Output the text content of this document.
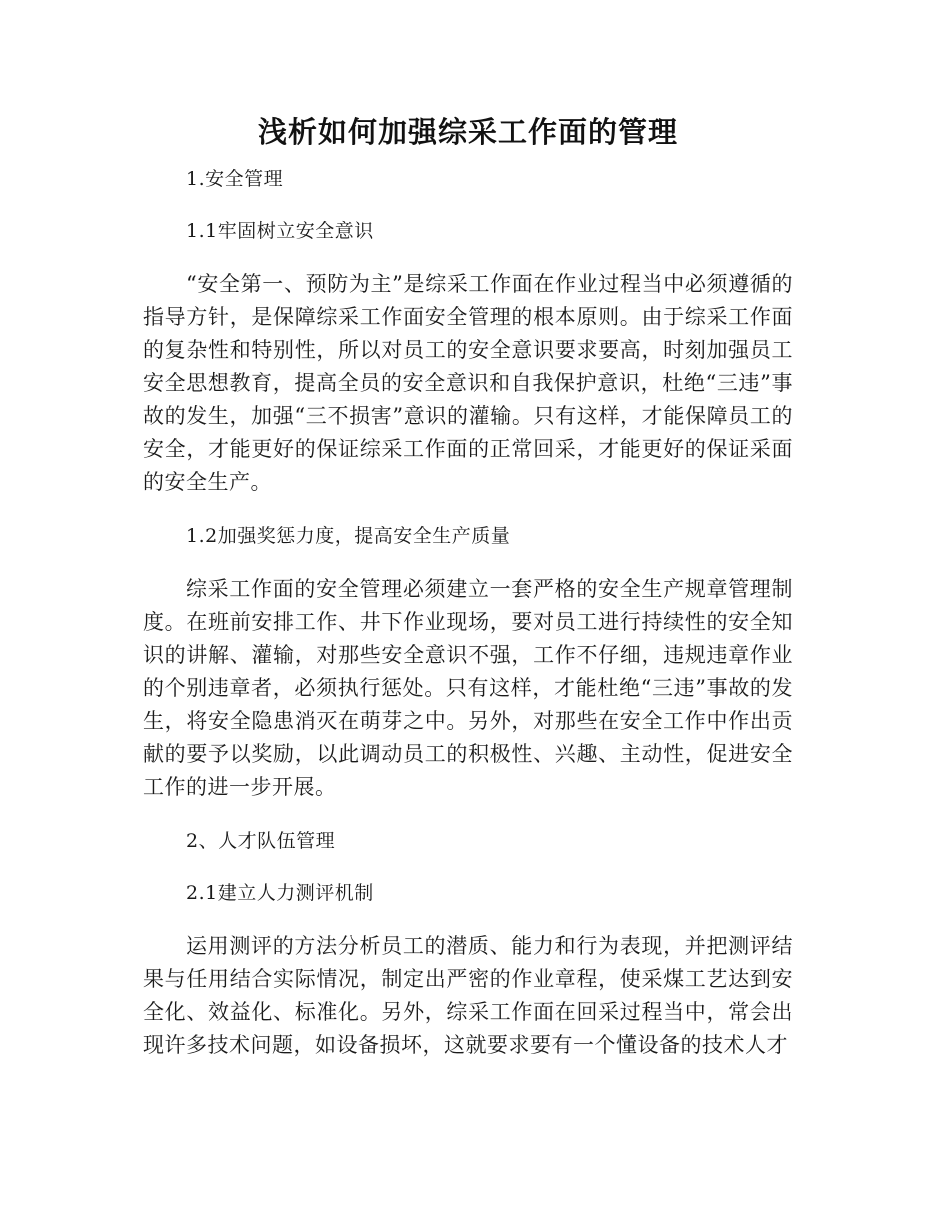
浅析如何加强综采工作面的管理
1.安全管理
1.1牢固树立安全意识

“安全第一、预防为主”是综采工作面在作业过程当中必须遵循的指导方针，是保障综采工作面安全管理的根本原则。由于综采工作面的复杂性和特别性，所以对员工的安全意识要求要高，时刻加强员工安全思想教育，提高全员的安全意识和自我保护意识，杜绝“三违”事故的发生，加强“三不损害”意识的灌输。只有这样，才能保障员工的安全，才能更好的保证综采工作面的正常回采，才能更好的保证采面的安全生产。

1.2加强奖惩力度，提高安全生产质量

综采工作面的安全管理必须建立一套严格的安全生产规章管理制度。在班前安排工作、井下作业现场，要对员工进行持续性的安全知识的讲解、灌输，对那些安全意识不强，工作不仔细，违规违章作业的个别违章者，必须执行惩处。只有这样，才能杜绝“三违”事故的发生，将安全隐患消灭在萌芽之中。另外，对那些在安全工作中作出贡献的要予以奖励，以此调动员工的积极性、兴趣、主动性，促进安全工作的进一步开展。

2、人才队伍管理
2.1建立人力测评机制

运用测评的方法分析员工的潜质、能力和行为表现，并把测评结果与任用结合实际情况，制定出严密的作业章程，使采煤工艺达到安全化、效益化、标准化。另外，综采工作面在回采过程当中，常会出现许多技术问题，如设备损坏，这就要求要有一个懂设备的技术人才
